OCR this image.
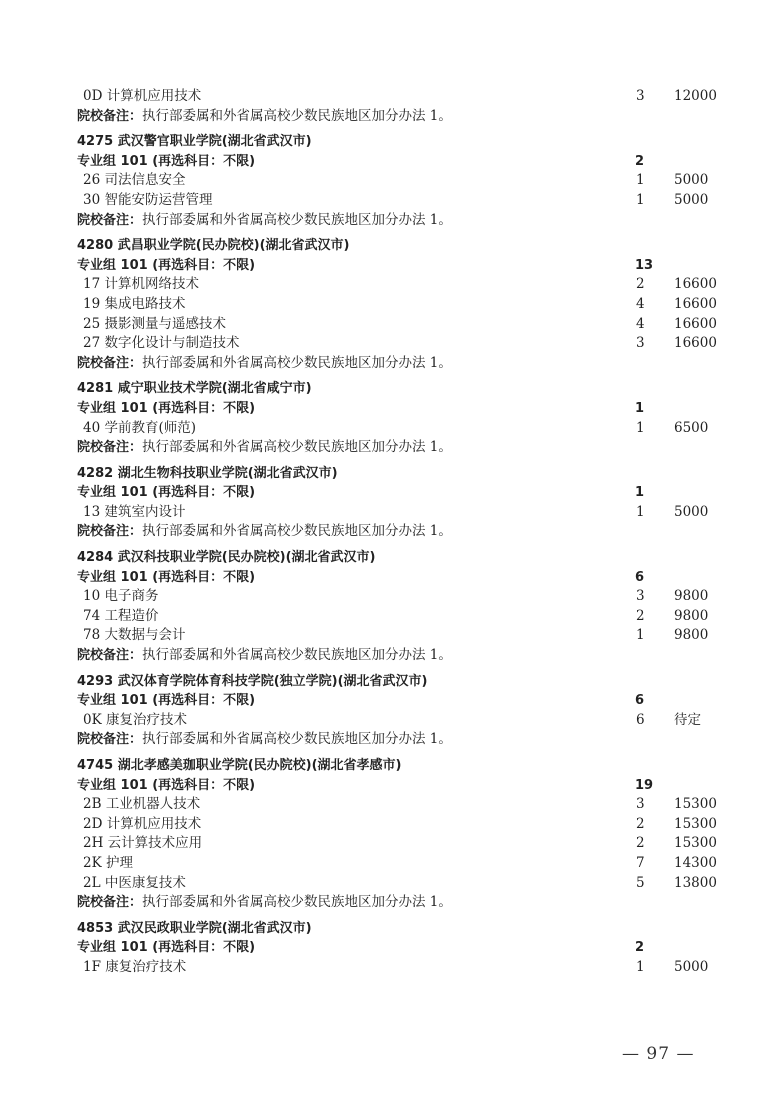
0D 计算机应用技术	3 12000
院校备注：执行部委属和外省属高校少数民族地区加分办法 1。
4275 武汉警官职业学院(湖北省武汉市)
专业组 101 (再选科目：不限)	2
26 司法信息安全	1 5000
30 智能安防运营管理	1 5000
院校备注：执行部委属和外省属高校少数民族地区加分办法 1。
4280 武昌职业学院(民办院校)(湖北省武汉市)
专业组 101 (再选科目：不限)	13
17 计算机网络技术	2 16600
19 集成电路技术	4 16600
25 摄影测量与遥感技术	4 16600
27 数字化设计与制造技术	3 16600
院校备注：执行部委属和外省属高校少数民族地区加分办法 1。
4281 咸宁职业技术学院(湖北省咸宁市)
专业组 101 (再选科目：不限)	1
40 学前教育(师范)	1 6500
院校备注：执行部委属和外省属高校少数民族地区加分办法 1。
4282 湖北生物科技职业学院(湖北省武汉市)
专业组 101 (再选科目：不限)	1
13 建筑室内设计	1 5000
院校备注：执行部委属和外省属高校少数民族地区加分办法 1。
4284 武汉科技职业学院(民办院校)(湖北省武汉市)
专业组 101 (再选科目：不限)	6
10 电子商务	3 9800
74 工程造价	2 9800
78 大数据与会计	1 9800
院校备注：执行部委属和外省属高校少数民族地区加分办法 1。
4293 武汉体育学院体育科技学院(独立学院)(湖北省武汉市)
专业组 101 (再选科目：不限)	6
0K 康复治疗技术	6 待定
院校备注：执行部委属和外省属高校少数民族地区加分办法 1。
4745 湖北孝感美珈职业学院(民办院校)(湖北省孝感市)
专业组 101 (再选科目：不限)	19
2B 工业机器人技术	3 15300
2D 计算机应用技术	2 15300
2H 云计算技术应用	2 15300
2K 护理	7 14300
2L 中医康复技术	5 13800
院校备注：执行部委属和外省属高校少数民族地区加分办法 1。
4853 武汉民政职业学院(湖北省武汉市)
专业组 101 (再选科目：不限)	2
1F 康复治疗技术	1 5000
— 97 —
